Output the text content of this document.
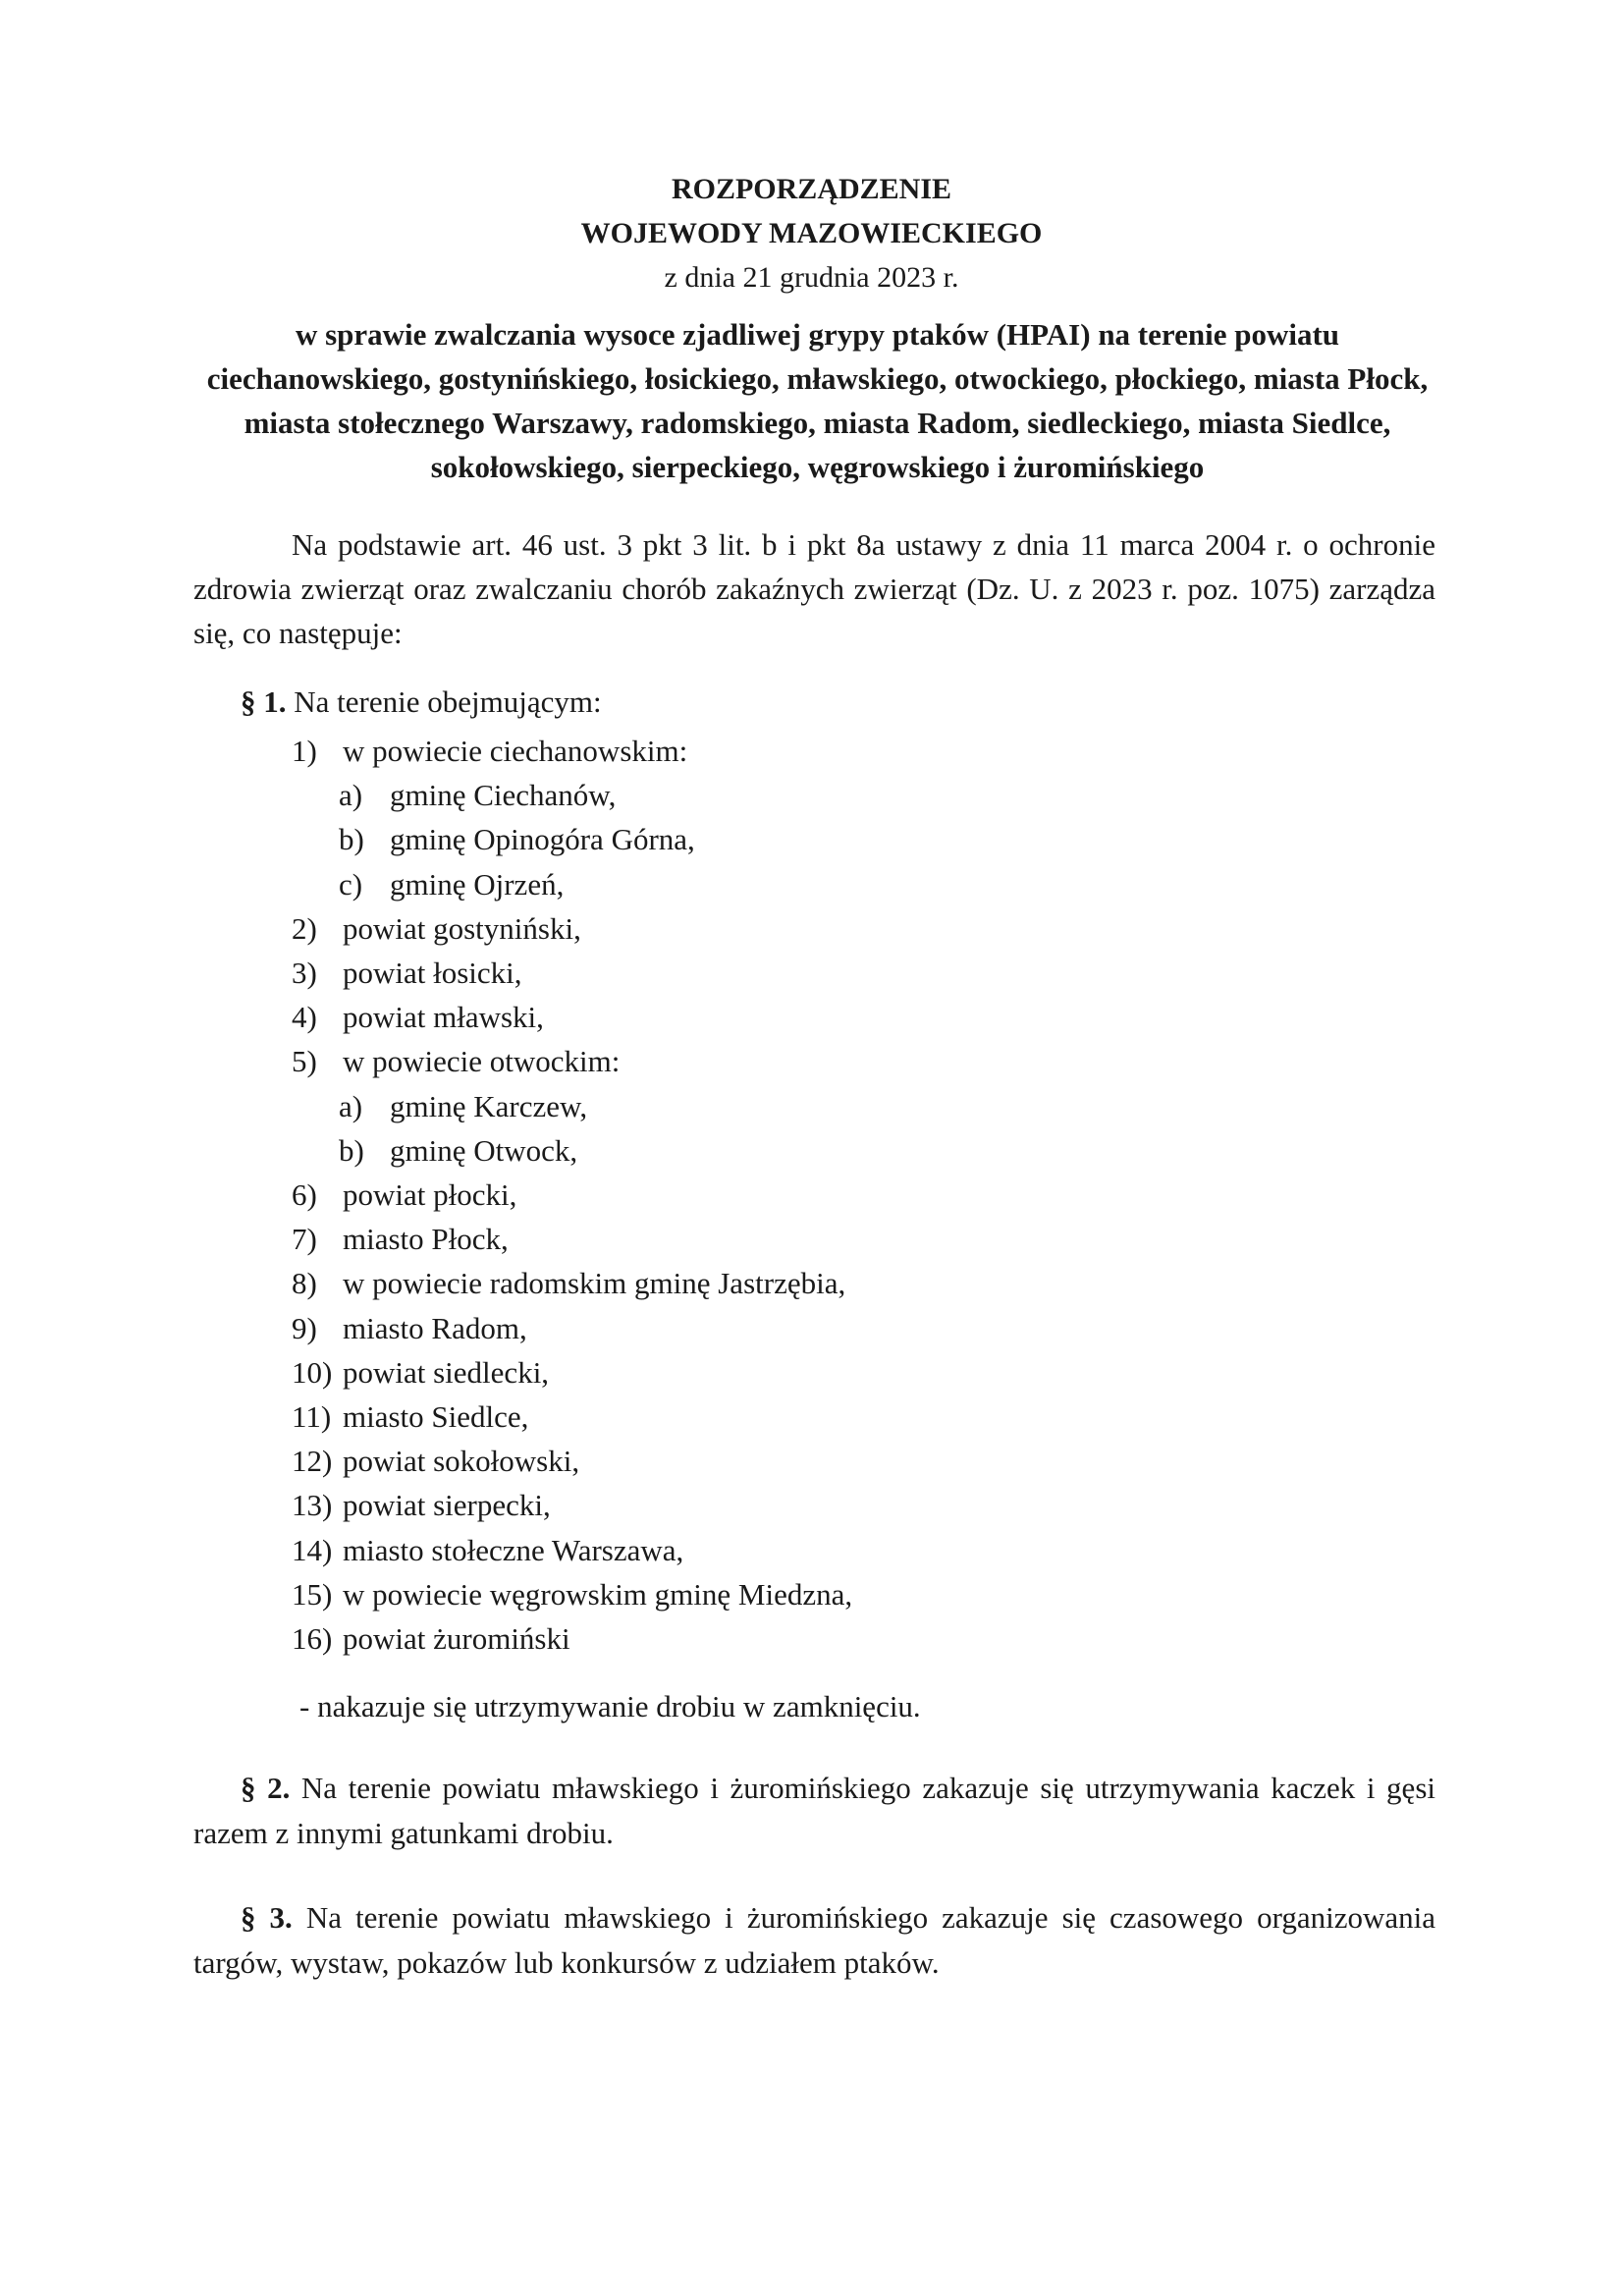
ROZPORZĄDZENIE
WOJEWODY MAZOWIECKIEGO
z dnia 21 grudnia 2023 r.
w sprawie zwalczania wysoce zjadliwej grypy ptaków (HPAI) na terenie powiatu ciechanowskiego, gostynińskiego, łosickiego, mławskiego, otwockiego, płockiego, miasta Płock, miasta stołecznego Warszawy, radomskiego, miasta Radom, siedleckiego, miasta Siedlce, sokołowskiego, sierpeckiego, węgrowskiego i żuromińskiego
Na podstawie art. 46 ust. 3 pkt 3 lit. b i pkt 8a ustawy z dnia 11 marca 2004 r. o ochronie zdrowia zwierząt oraz zwalczaniu chorób zakaźnych zwierząt (Dz. U. z 2023 r. poz. 1075) zarządza się, co następuje:
§ 1. Na terenie obejmującym:
1) w powiecie ciechanowskim:
a) gminę Ciechanów,
b) gminę Opinogóra Górna,
c) gminę Ojrzeń,
2) powiat gostyniński,
3) powiat łosicki,
4) powiat mławski,
5) w powiecie otwockim:
a) gminę Karczew,
b) gminę Otwock,
6) powiat płocki,
7) miasto Płock,
8) w powiecie radomskim gminę Jastrzębia,
9) miasto Radom,
10) powiat siedlecki,
11) miasto Siedlce,
12) powiat sokołowski,
13) powiat sierpecki,
14) miasto stołeczne Warszawa,
15) w powiecie węgrowskim gminę Miedzna,
16) powiat żuromiński
- nakazuje się utrzymywanie drobiu w zamknięciu.
§ 2. Na terenie powiatu mławskiego i żuromińskiego zakazuje się utrzymywania kaczek i gęsi razem z innymi gatunkami drobiu.
§ 3. Na terenie powiatu mławskiego i żuromińskiego zakazuje się czasowego organizowania targów, wystaw, pokazów lub konkursów z udziałem ptaków.
